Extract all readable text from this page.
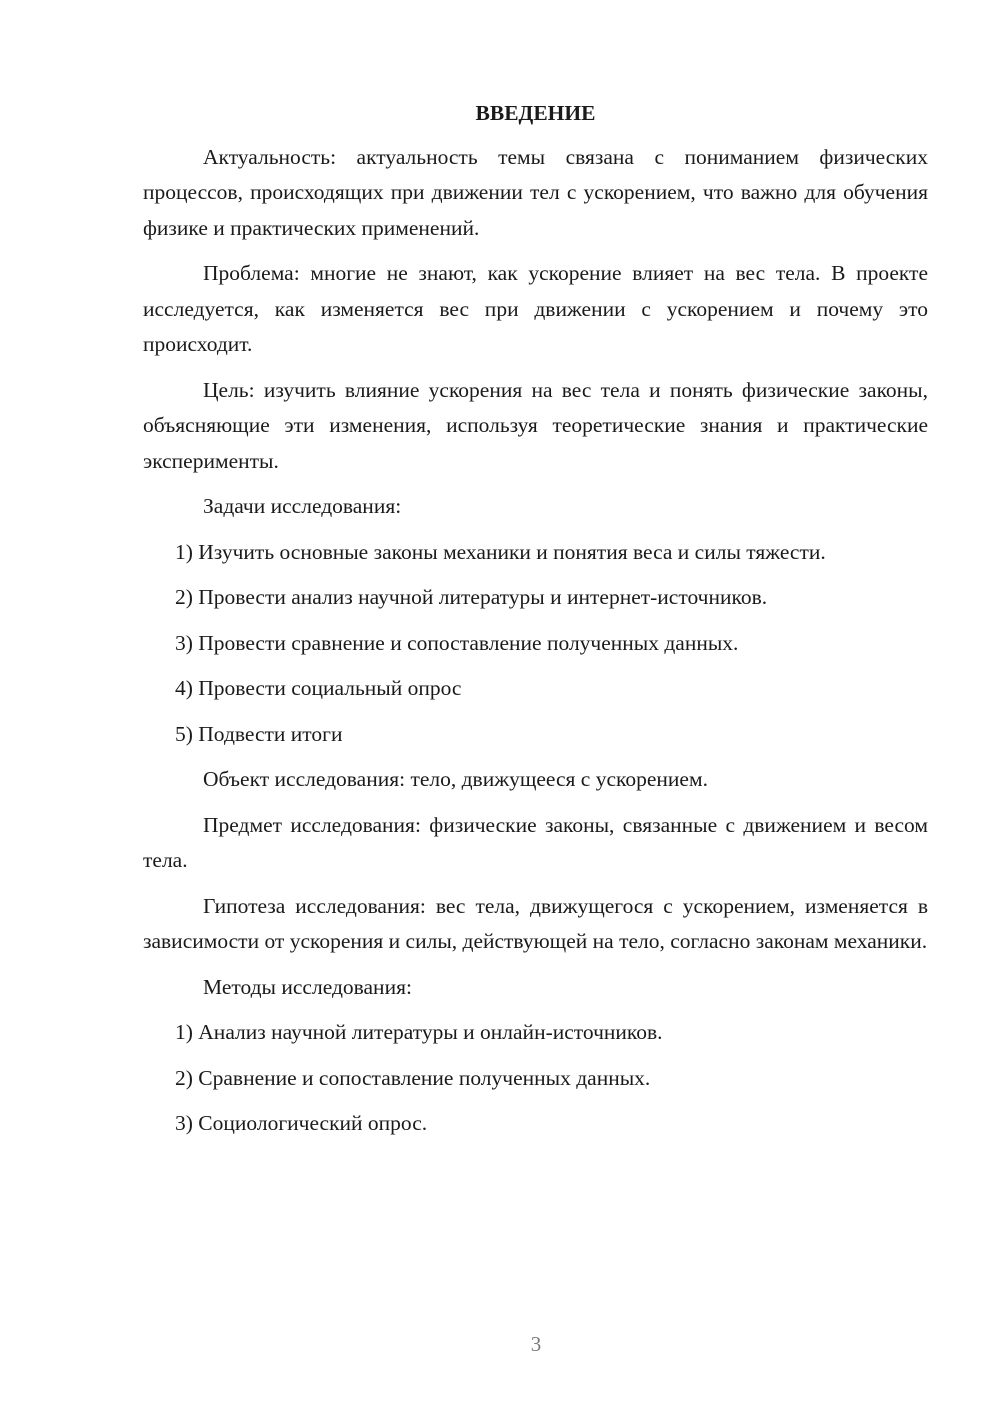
ВВЕДЕНИЕ

Актуальность: актуальность темы связана с пониманием физических процессов, происходящих при движении тел с ускорением, что важно для обучения физике и практических применений.

Проблема: многие не знают, как ускорение влияет на вес тела. В проекте исследуется, как изменяется вес при движении с ускорением и почему это происходит.

Цель: изучить влияние ускорения на вес тела и понять физические законы, объясняющие эти изменения, используя теоретические знания и практические эксперименты.

Задачи исследования:

1) Изучить основные законы механики и понятия веса и силы тяжести.
2) Провести анализ научной литературы и интернет-источников.
3) Провести сравнение и сопоставление полученных данных.
4) Провести социальный опрос
5) Подвести итоги

Объект исследования: тело, движущееся с ускорением.

Предмет исследования: физические законы, связанные с движением и весом тела.

Гипотеза исследования: вес тела, движущегося с ускорением, изменяется в зависимости от ускорения и силы, действующей на тело, согласно законам механики.

Методы исследования:

1) Анализ научной литературы и онлайн-источников.
2) Сравнение и сопоставление полученных данных.
3) Социологический опрос.
3
